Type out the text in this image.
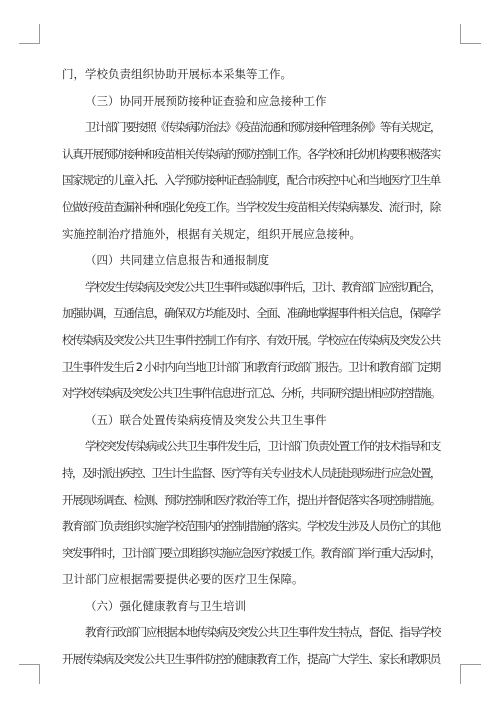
门，学校负责组织协助开展标本采集等工作。
（三）协同开展预防接种证查验和应急接种工作
卫计部门要按照《传染病防治法》《疫苗流通和预防接种管理条例》等有关规定，
认真开展预防接种和疫苗相关传染病的预防控制工作。各学校和托幼机构要积极落实
国家规定的儿童入托、入学预防接种证查验制度，配合市疾控中心和当地医疗卫生单
位做好疫苗查漏补种和强化免疫工作。当学校发生疫苗相关传染病暴发、流行时，除
实施控制治疗措施外，根据有关规定，组织开展应急接种。
（四）共同建立信息报告和通报制度
学校发生传染病及突发公共卫生事件或疑似事件后，卫计、教育部门应密切配合，
加强协调，互通信息，确保双方均能及时、全面、准确地掌握事件相关信息，保障学
校传染病及突发公共卫生事件控制工作有序、有效开展。学校应在传染病及突发公共
卫生事件发生后 2 小时内向当地卫计部门和教育行政部门报告。卫计和教育部门定期
对学校传染病及突发公共卫生事件信息进行汇总、分析，共同研究提出相应防控措施。
（五）联合处置传染病疫情及突发公共卫生事件
学校突发传染病或公共卫生事件发生后，卫计部门负责处置工作的技术指导和支
持，及时派出疾控、卫生计生监督、医疗等有关专业技术人员赶赴现场进行应急处置，
开展现场调查、检测、预防控制和医疗救治等工作，提出并督促落实各项控制措施。
教育部门负责组织实施学校范围内的控制措施的落实。学校发生涉及人员伤亡的其他
突发事件时，卫计部门要立即组织实施应急医疗救援工作。教育部门举行重大活动时，
卫计部门应根据需要提供必要的医疗卫生保障。
（六）强化健康教育与卫生培训
教育行政部门应根据本地传染病及突发公共卫生事件发生特点，督促、指导学校
开展传染病及突发公共卫生事件防控的健康教育工作，提高广大学生、家长和教职员
